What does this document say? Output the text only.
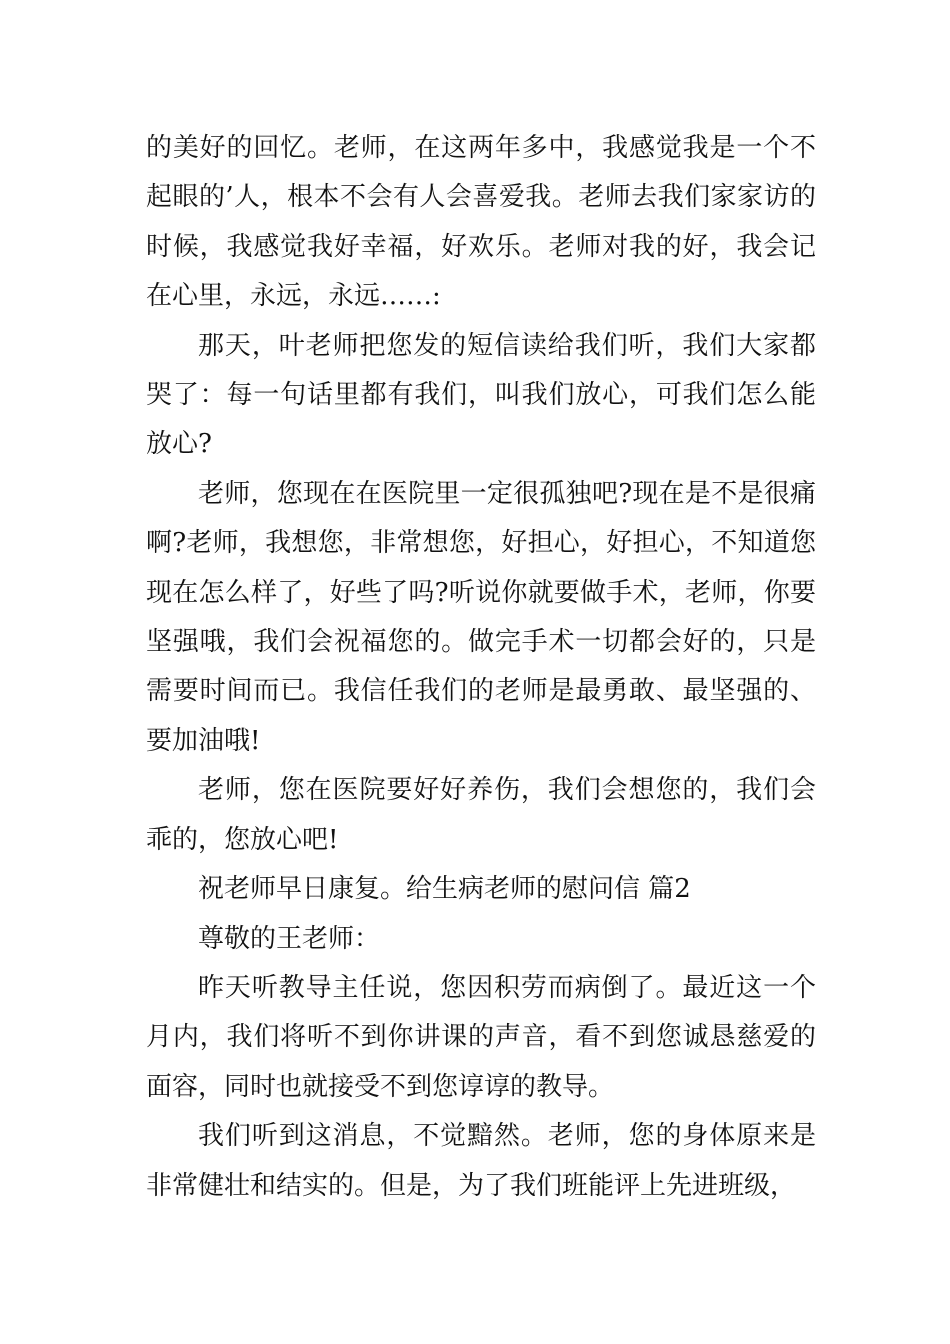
的美好的回忆。老师，在这两年多中，我感觉我是一个不起眼的’人，根本不会有人会喜爱我。老师去我们家家访的时候，我感觉我好幸福，好欢乐。老师对我的好，我会记在心里，永远，永远……:

那天，叶老师把您发的短信读给我们听，我们大家都哭了：每一句话里都有我们，叫我们放心，可我们怎么能放心?

老师，您现在在医院里一定很孤独吧?现在是不是很痛啊?老师，我想您，非常想您，好担心，好担心，不知道您现在怎么样了，好些了吗?听说你就要做手术，老师，你要坚强哦，我们会祝福您的。做完手术一切都会好的，只是需要时间而已。我信任我们的老师是最勇敢、最坚强的、要加油哦!

老师，您在医院要好好养伤，我们会想您的，我们会乖的，您放心吧!

祝老师早日康复。给生病老师的慰问信 篇2

尊敬的王老师：

昨天听教导主任说，您因积劳而病倒了。最近这一个月内，我们将听不到你讲课的声音，看不到您诚恳慈爱的面容，同时也就接受不到您谆谆的教导。

我们听到这消息，不觉黯然。老师，您的身体原来是非常健壮和结实的。但是，为了我们班能评上先进班级，
